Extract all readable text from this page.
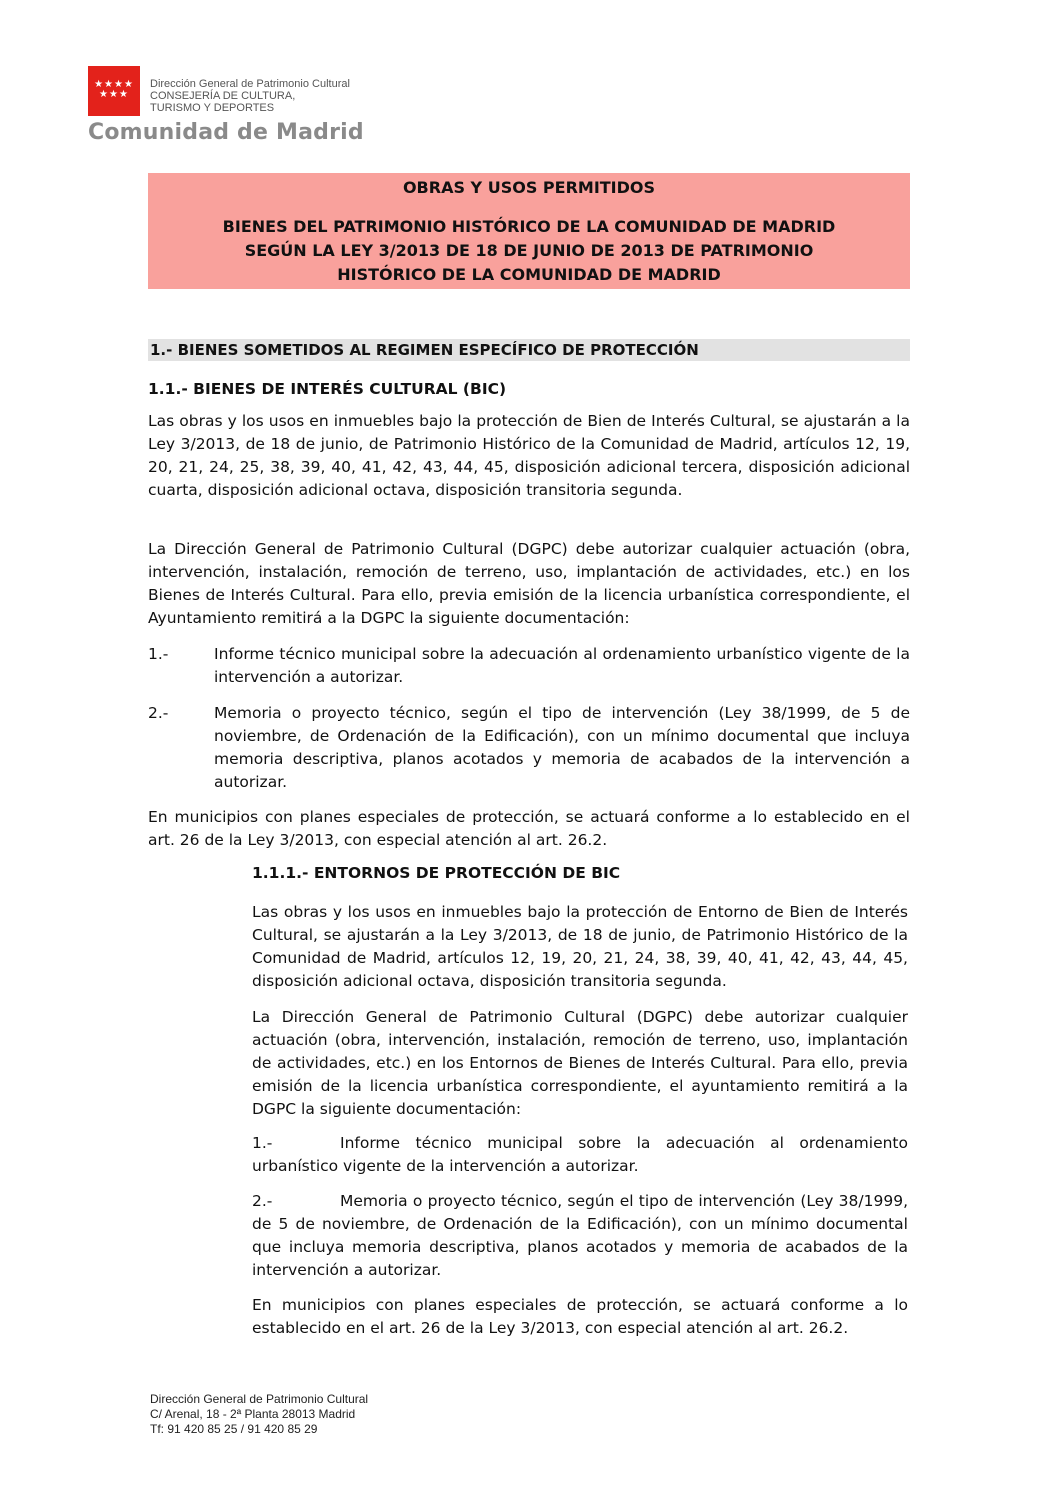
★★★★
★★★
Dirección General de Patrimonio Cultural
CONSEJERÍA DE CULTURA,
TURISMO Y DEPORTES
Comunidad de Madrid
OBRAS Y USOS PERMITIDOS
BIENES DEL PATRIMONIO HISTÓRICO DE LA COMUNIDAD DE MADRID
SEGÚN LA LEY 3/2013 DE 18 DE JUNIO DE 2013 DE PATRIMONIO
HISTÓRICO DE LA COMUNIDAD DE MADRID
1.- BIENES SOMETIDOS AL REGIMEN ESPECÍFICO DE PROTECCIÓN
1.1.- BIENES DE INTERÉS CULTURAL (BIC)
Las obras y los usos en inmuebles bajo la protección de Bien de Interés Cultural, se ajustarán a la Ley 3/2013, de 18 de junio, de Patrimonio Histórico de la Comunidad de Madrid, artículos 12, 19, 20, 21, 24, 25, 38, 39, 40, 41, 42, 43, 44, 45, disposición adicional tercera, disposición adicional cuarta, disposición adicional octava, disposición transitoria segunda.
La Dirección General de Patrimonio Cultural (DGPC) debe autorizar cualquier actuación (obra, intervención, instalación, remoción de terreno, uso, implantación de actividades, etc.) en los Bienes de Interés Cultural. Para ello, previa emisión de la licencia urbanística correspondiente, el Ayuntamiento remitirá a la DGPC la siguiente documentación:
1.-	Informe técnico municipal sobre la adecuación al ordenamiento urbanístico vigente de la intervención a autorizar.
2.-	Memoria o proyecto técnico, según el tipo de intervención (Ley 38/1999, de 5 de noviembre, de Ordenación de la Edificación), con un mínimo documental que incluya memoria descriptiva, planos acotados y memoria de acabados de la intervención a autorizar.
En municipios con planes especiales de protección, se actuará conforme a lo establecido en el art. 26 de la Ley 3/2013, con especial atención al art. 26.2.
1.1.1.- ENTORNOS DE PROTECCIÓN DE BIC
Las obras y los usos en inmuebles bajo la protección de Entorno de Bien de Interés Cultural, se ajustarán a la Ley 3/2013, de 18 de junio, de Patrimonio Histórico de la Comunidad de Madrid, artículos 12, 19, 20, 21, 24, 38, 39, 40, 41, 42, 43, 44, 45, disposición adicional octava, disposición transitoria segunda.
La Dirección General de Patrimonio Cultural (DGPC) debe autorizar cualquier actuación (obra, intervención, instalación, remoción de terreno, uso, implantación de actividades, etc.) en los Entornos de Bienes de Interés Cultural. Para ello, previa emisión de la licencia urbanística correspondiente, el ayuntamiento remitirá a la DGPC la siguiente documentación:
1.-	Informe técnico municipal sobre la adecuación al ordenamiento urbanístico vigente de la intervención a autorizar.
2.-	Memoria o proyecto técnico, según el tipo de intervención (Ley 38/1999, de 5 de noviembre, de Ordenación de la Edificación), con un mínimo documental que incluya memoria descriptiva, planos acotados y memoria de acabados de la intervención a autorizar.
En municipios con planes especiales de protección, se actuará conforme a lo establecido en el art. 26 de la Ley 3/2013, con especial atención al art. 26.2.
Dirección General de Patrimonio Cultural
C/ Arenal, 18 - 2ª Planta 28013 Madrid
Tf: 91 420 85 25 / 91 420 85 29
